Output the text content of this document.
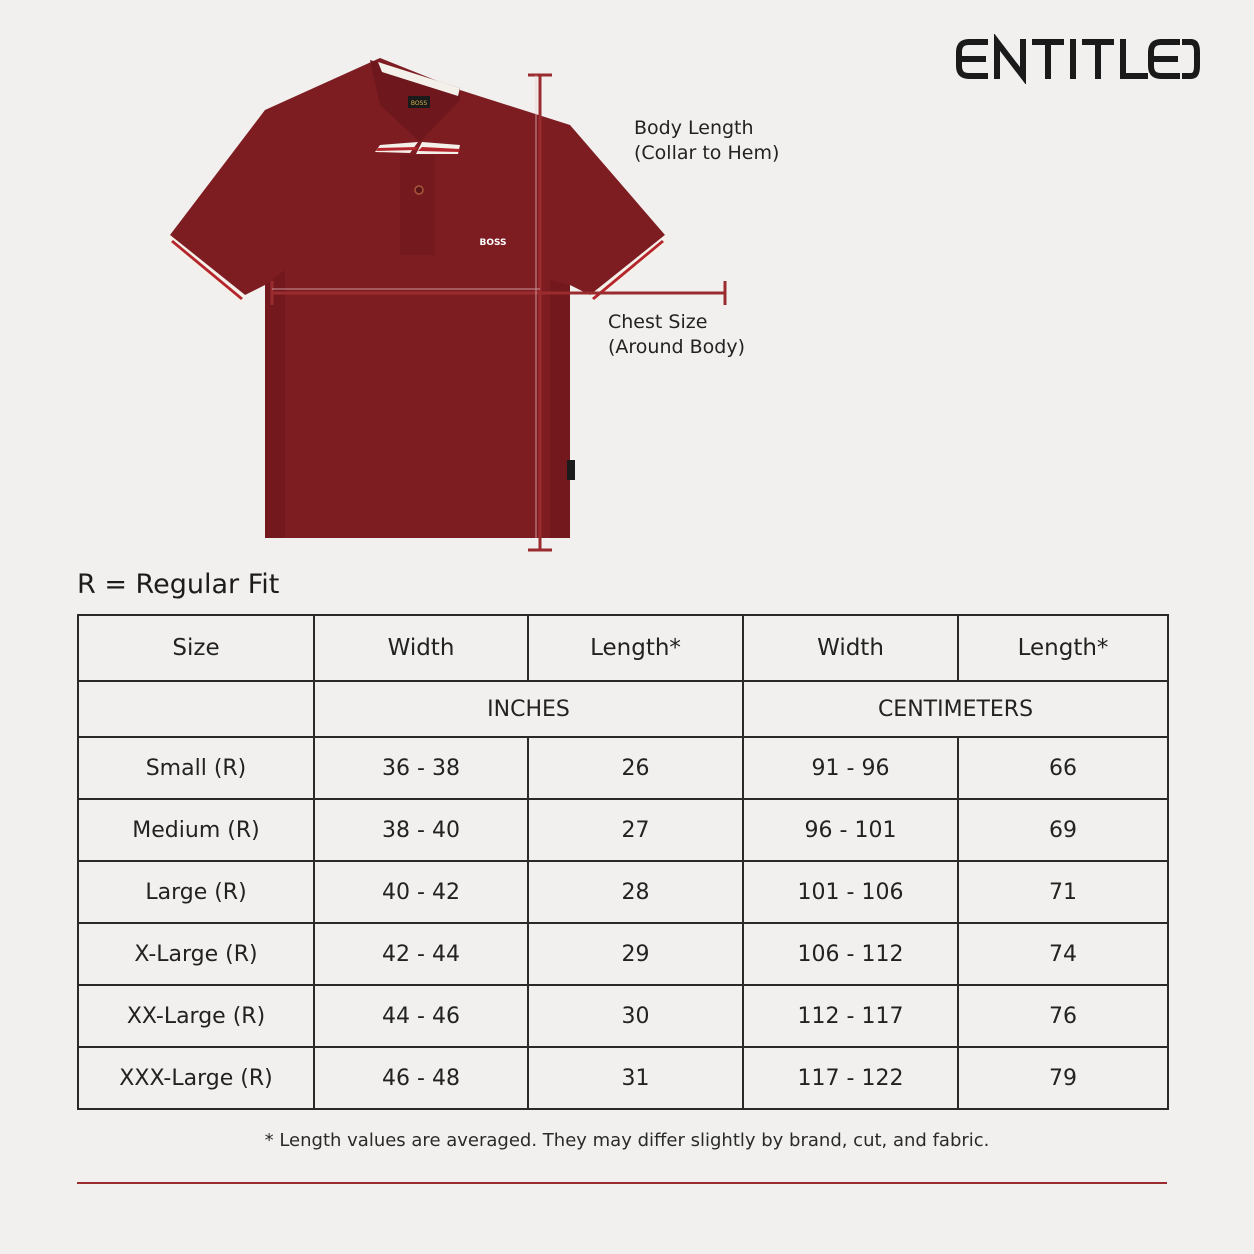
BOSS
BOSS
Body Length
(Collar to Hem)
Chest Size
(Around Body)
R = Regular Fit
Size	Width	Length*	Width	Length*
	INCHES		CENTIMETERS	
Small (R)	36 - 38	26	91 - 96	66
Medium (R)	38 - 40	27	96 - 101	69
Large (R)	40 - 42	28	101 - 106	71
X-Large (R)	42 - 44	29	106 - 112	74
XX-Large (R)	44 - 46	30	112 - 117	76
XXX-Large (R)	46 - 48	31	117 - 122	79
* Length values are averaged. They may differ slightly by brand, cut, and fabric.
